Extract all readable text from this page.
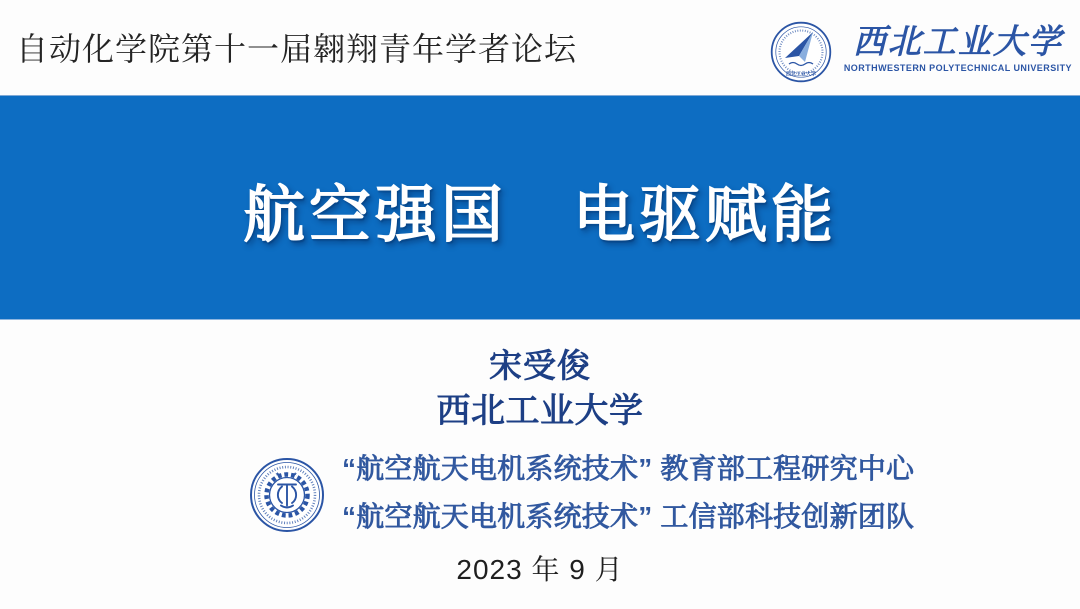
自动化学院第十一届翱翔青年学者论坛
西北工业大学
西北工业大学
NORTHWESTERN POLYTECHNICAL UNIVERSITY
航空强国　电驱赋能
宋受俊
西北工业大学
★ ★ ★ “航空航天电机系统技术” 教育部工程研究中心
“航空航天电机系统技术” 工信部科技创新团队
2023 年 9 月
